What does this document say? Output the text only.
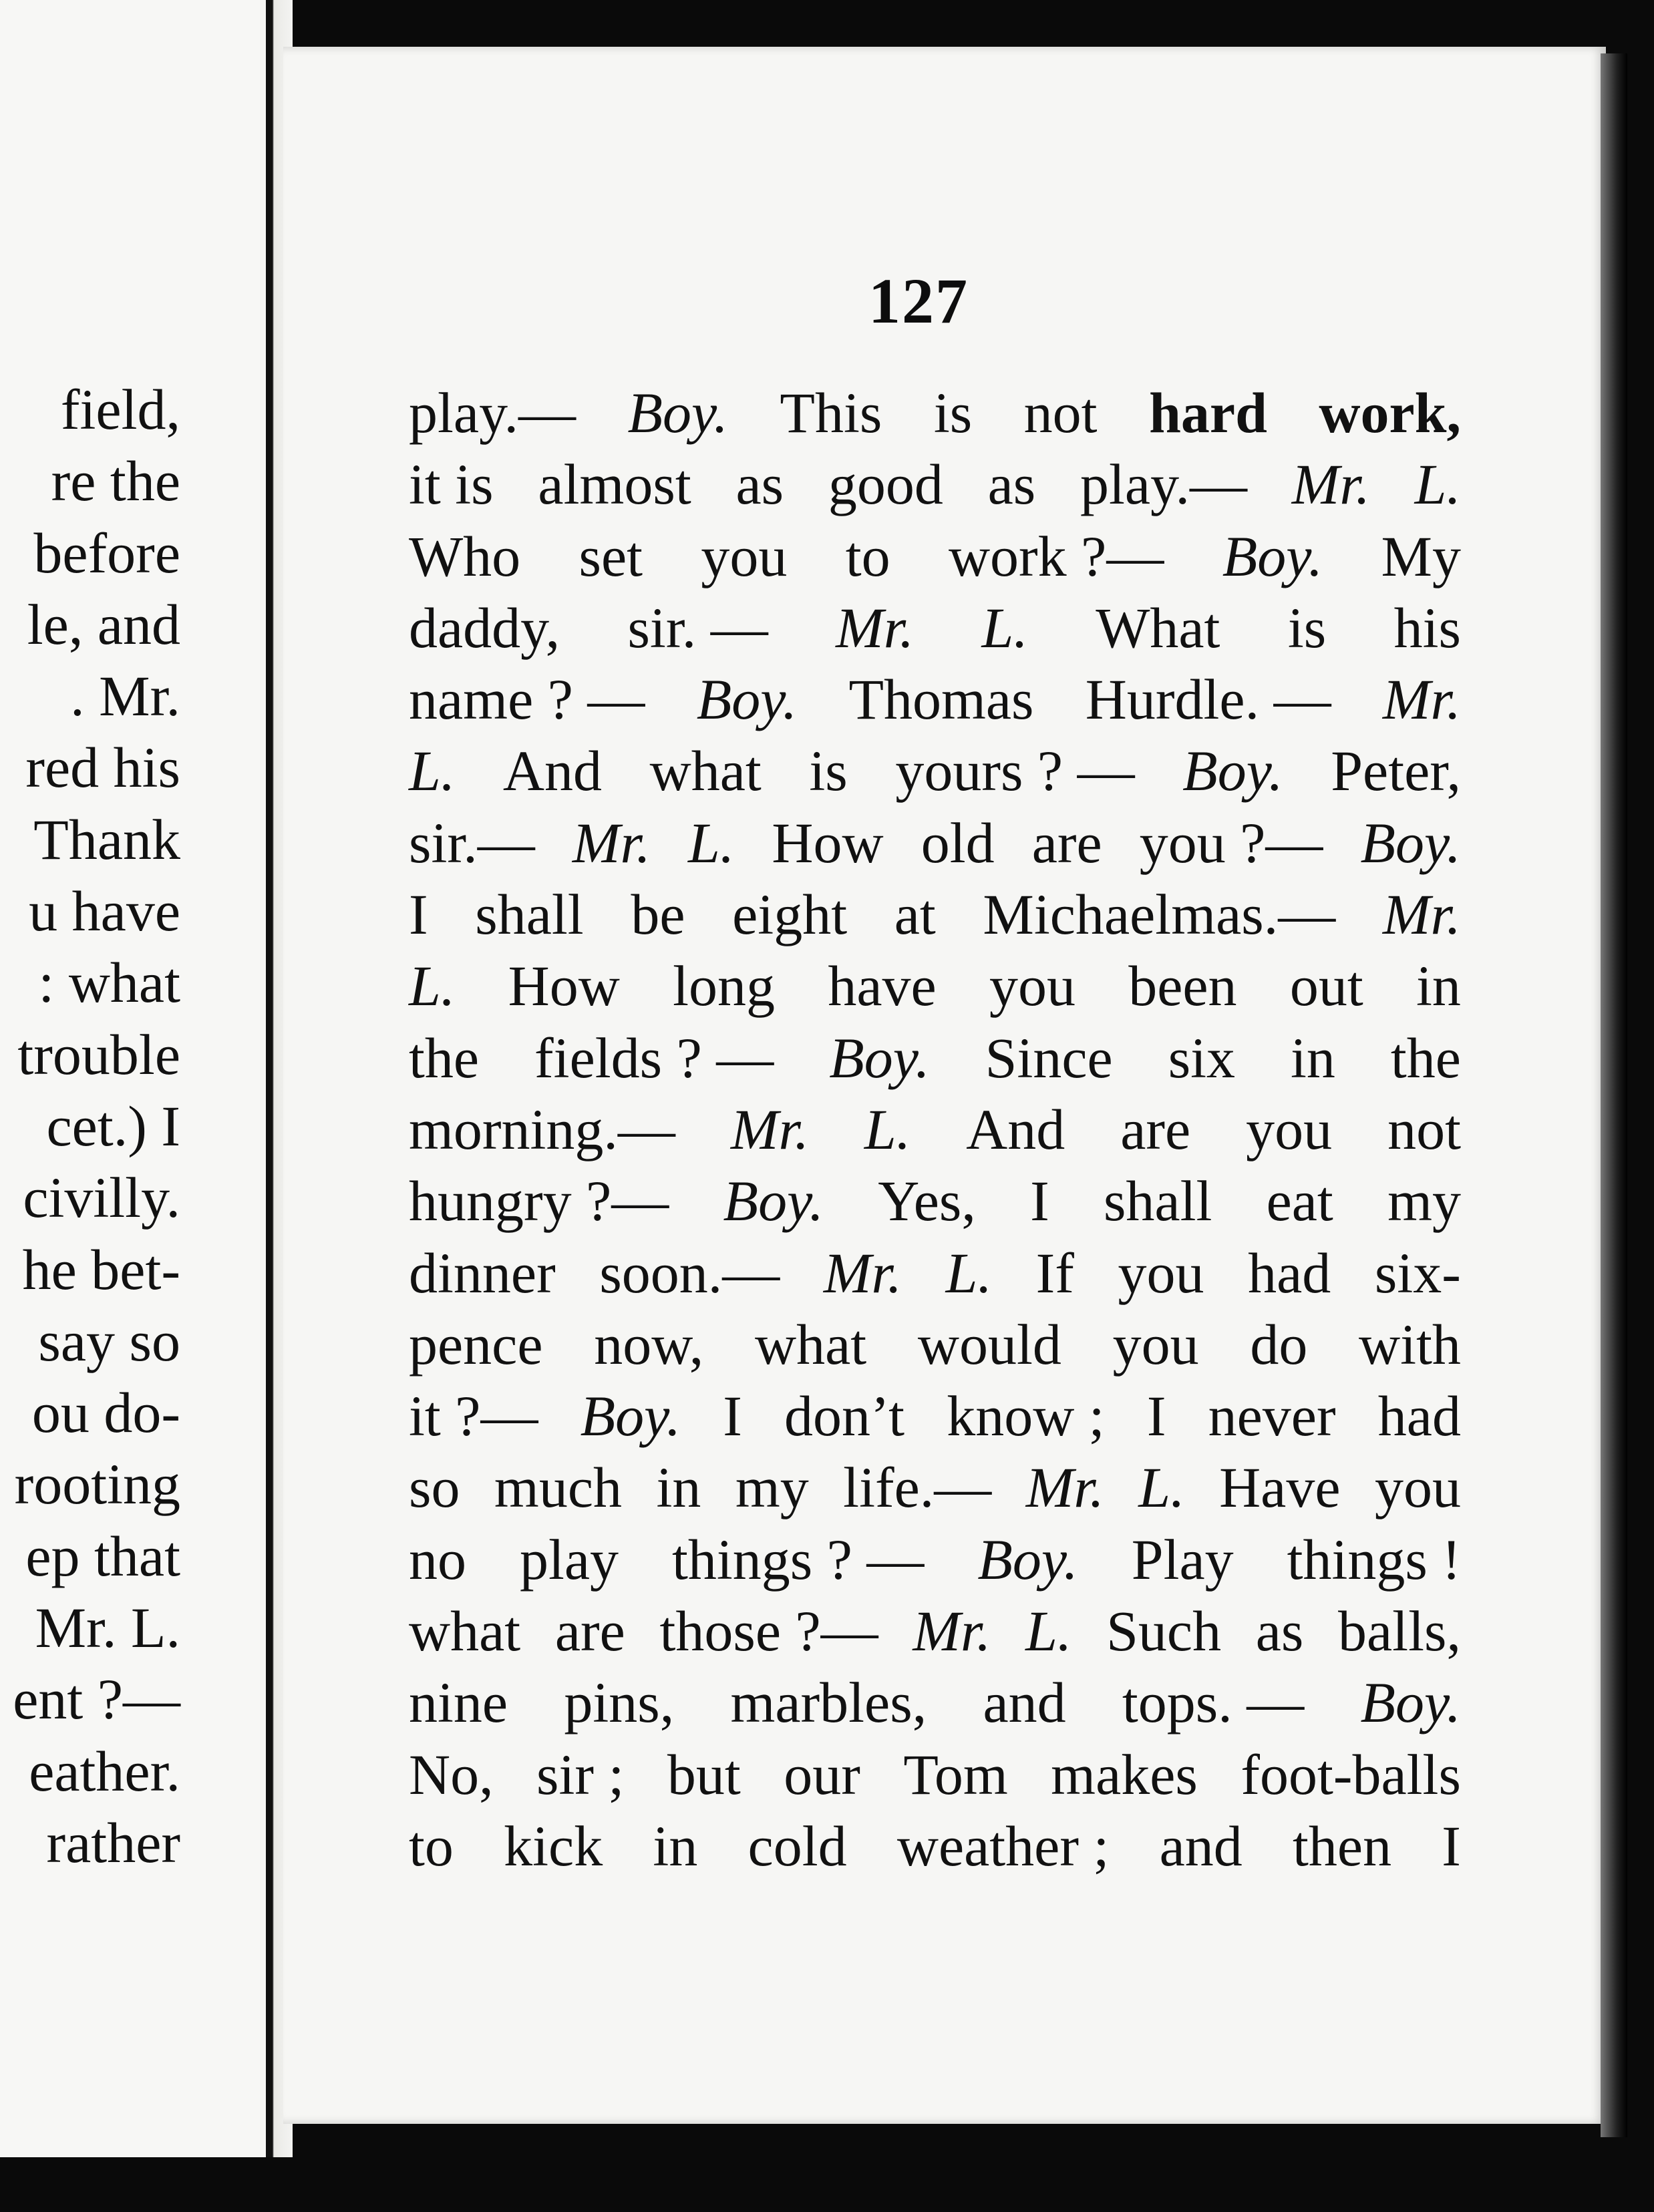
field,
re the
before
le, and
. Mr.
red his
Thank
u have
: what
trouble
cet.) I
civilly.
he bet-
say so
ou do-
rooting
ep that
Mr. L.
ent ?—
eather.
rather
127
play.— Boy. This is not hard work,
it is almost as good as play.— Mr. L.
Who set you to work ?— Boy. My
daddy, sir. — Mr. L. What is his
name ? — Boy. Thomas Hurdle. — Mr.
L. And what is yours ? — Boy. Peter,
sir.— Mr. L. How old are you ?— Boy.
I shall be eight at Michaelmas.— Mr.
L. How long have you been out in
the fields ? — Boy. Since six in the
morning.— Mr. L. And are you not
hungry ?— Boy. Yes, I shall eat my
dinner soon.— Mr. L. If you had six-
pence now, what would you do with
it ?— Boy. I don’t know ; I never had
so much in my life.— Mr. L. Have you
no play things ? — Boy. Play things !
what are those ?— Mr. L. Such as balls,
nine pins, marbles, and tops. — Boy.
No, sir ; but our Tom makes foot-balls
to kick in cold weather ; and then I
